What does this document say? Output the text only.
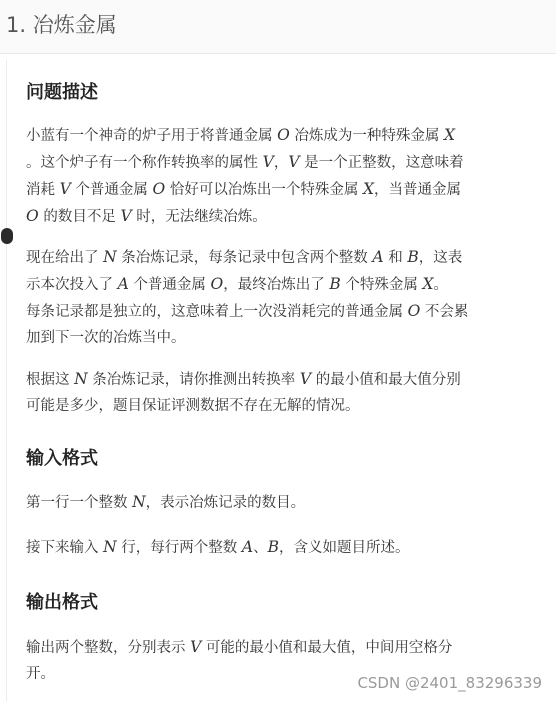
1. 冶炼金属
问题描述
小蓝有一个神奇的炉子用于将普通金属 O 冶炼成为一种特殊金属 X
。这个炉子有一个称作转换率的属性 V，V 是一个正整数，这意味着
消耗 V 个普通金属 O 恰好可以冶炼出一个特殊金属 X，当普通金属
O 的数目不足 V 时，无法继续冶炼。
现在给出了 N 条冶炼记录，每条记录中包含两个整数 A 和 B，这表
示本次投入了 A 个普通金属 O，最终冶炼出了 B 个特殊金属 X。
每条记录都是独立的，这意味着上一次没消耗完的普通金属 O 不会累
加到下一次的冶炼当中。
根据这 N 条冶炼记录，请你推测出转换率 V 的最小值和最大值分别
可能是多少，题目保证评测数据不存在无解的情况。
输入格式
第一行一个整数 N，表示冶炼记录的数目。
接下来输入 N 行，每行两个整数 A、B，含义如题目所述。
输出格式
输出两个整数，分别表示 V 可能的最小值和最大值，中间用空格分
开。	CSDN @2401_83296339
